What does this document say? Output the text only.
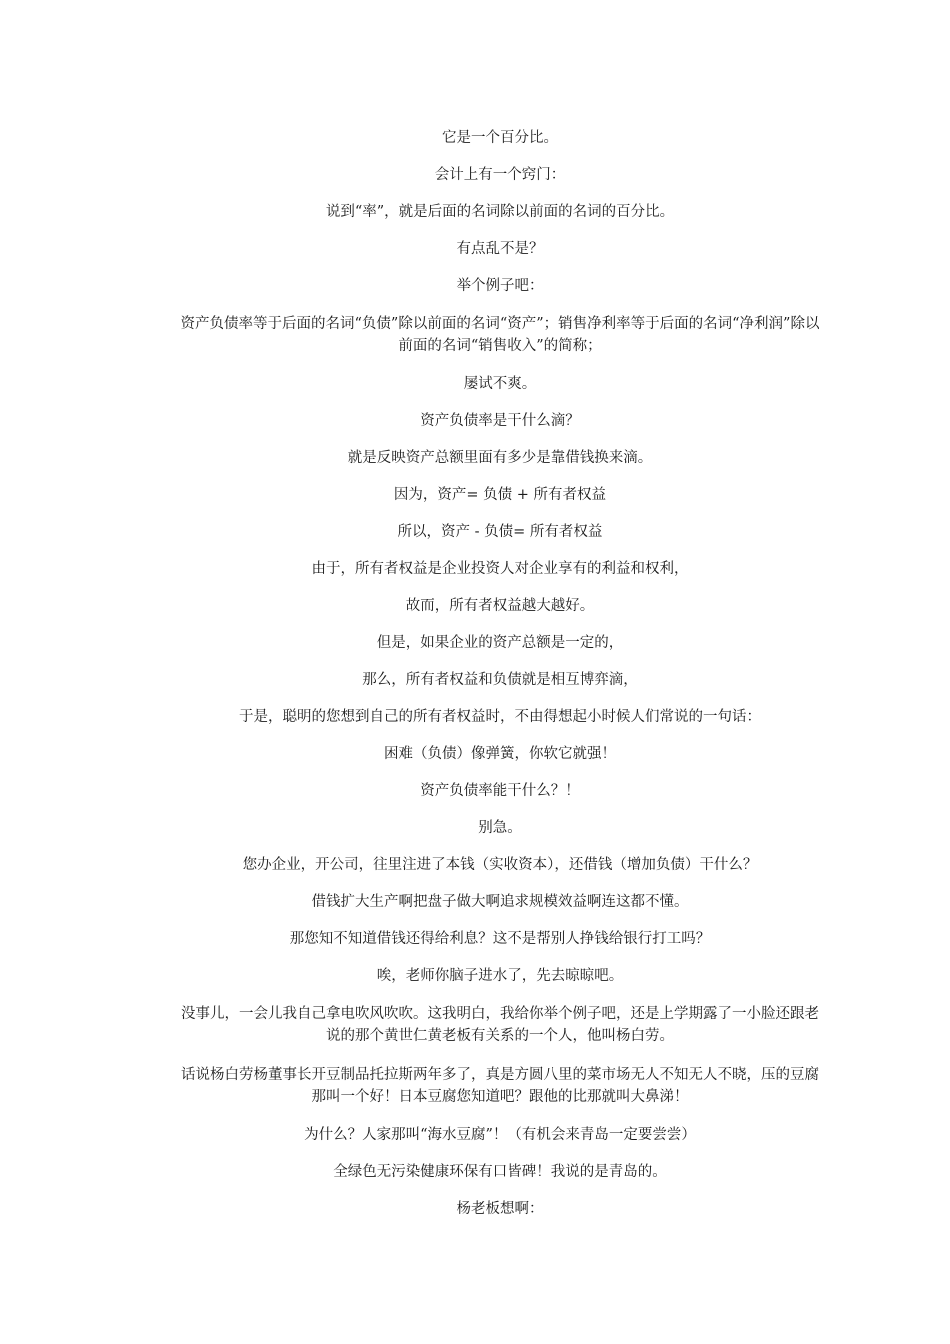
它是一个百分比。

会计上有一个窍门：

说到“率”，就是后面的名词除以前面的名词的百分比。

有点乱不是？

举个例子吧：

资产负债率等于后面的名词“负债”除以前面的名词“资产”；销售净利率等于后面的名词“净利润”除以前面的名词“销售收入”的简称；

屡试不爽。

资产负债率是干什么滴？

就是反映资产总额里面有多少是靠借钱换来滴。

因为，资产= 负债 + 所有者权益

所以，资产 - 负债= 所有者权益

由于，所有者权益是企业投资人对企业享有的利益和权利，

故而，所有者权益越大越好。

但是，如果企业的资产总额是一定的，

那么，所有者权益和负债就是相互博弈滴，

于是，聪明的您想到自己的所有者权益时，不由得想起小时候人们常说的一句话：

困难（负债）像弹簧，你软它就强！

资产负债率能干什么？！

别急。

您办企业，开公司，往里注进了本钱（实收资本），还借钱（增加负债）干什么？

借钱扩大生产啊把盘子做大啊追求规模效益啊连这都不懂。

那您知不知道借钱还得给利息？这不是帮别人挣钱给银行打工吗？

唉，老师你脑子进水了，先去晾晾吧。

没事儿，一会儿我自己拿电吹风吹吹。这我明白，我给你举个例子吧，还是上学期露了一小脸还跟老说的那个黄世仁黄老板有关系的一个人，他叫杨白劳。

话说杨白劳杨董事长开豆制品托拉斯两年多了，真是方圆八里的菜市场无人不知无人不晓，压的豆腐那叫一个好！日本豆腐您知道吧？跟他的比那就叫大鼻涕！

为什么？人家那叫“海水豆腐”！（有机会来青岛一定要尝尝）

全绿色无污染健康环保有口皆碑！我说的是青岛的。

杨老板想啊：
